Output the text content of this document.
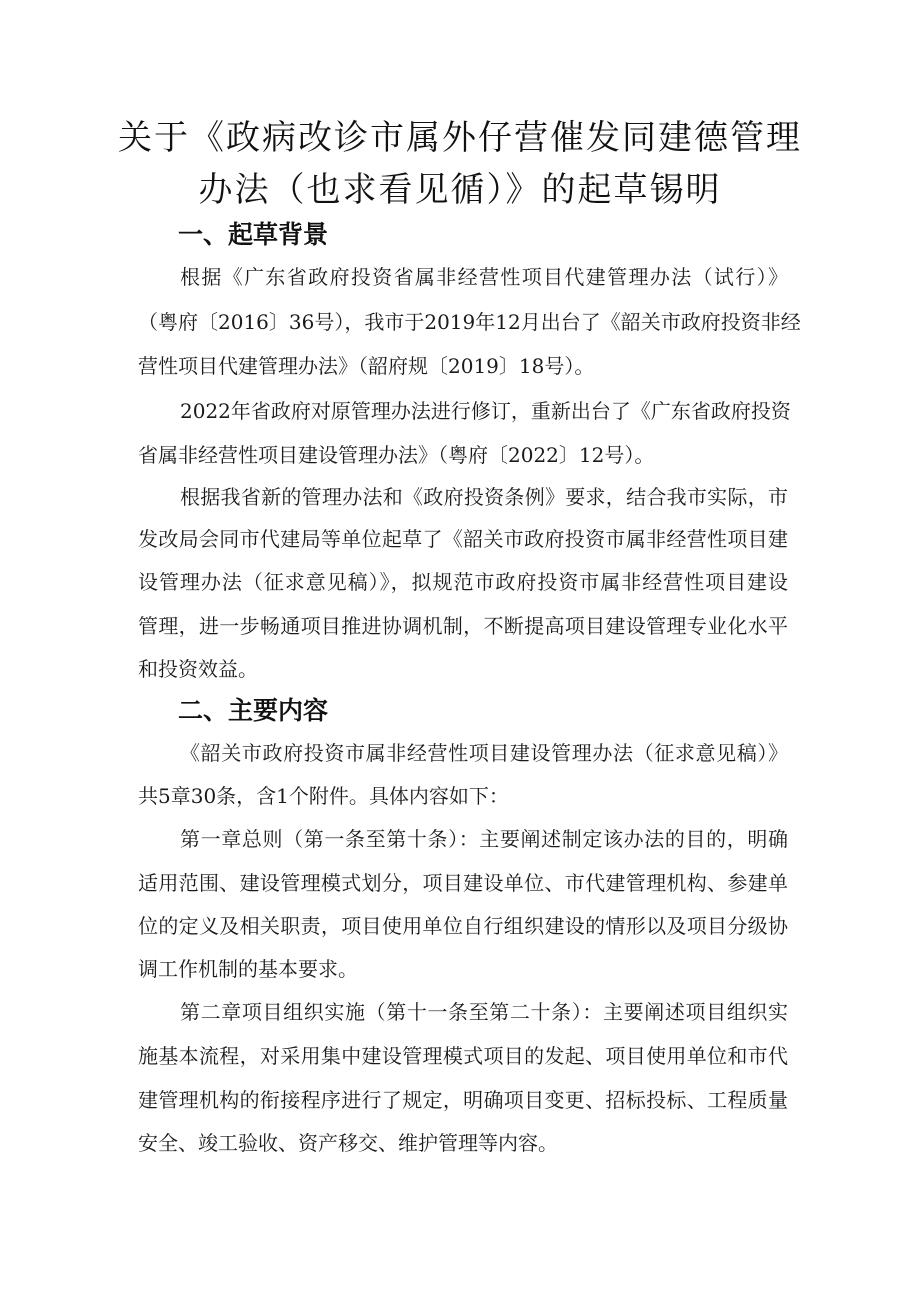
关于《政病改诊市属外仔营催发同建德管理
办法（也求看见循）》的起草锡明
一、起草背景
根据《广东省政府投资省属非经营性项目代建管理办法（试行）》
（粤府〔2016〕36号），我市于2019年12月出台了《韶关市政府投资非经
营性项目代建管理办法》（韶府规〔2019〕18号）。
2022年省政府对原管理办法进行修订，重新出台了《广东省政府投资
省属非经营性项目建设管理办法》（粤府〔2022〕12号）。
根据我省新的管理办法和《政府投资条例》要求，结合我市实际，市
发改局会同市代建局等单位起草了《韶关市政府投资市属非经营性项目建
设管理办法（征求意见稿）》，拟规范市政府投资市属非经营性项目建设
管理，进一步畅通项目推进协调机制，不断提高项目建设管理专业化水平
和投资效益。
二、主要内容
《韶关市政府投资市属非经营性项目建设管理办法（征求意见稿）》
共5章30条，含1个附件。具体内容如下：
第一章总则（第一条至第十条）：主要阐述制定该办法的目的，明确
适用范围、建设管理模式划分，项目建设单位、市代建管理机构、参建单
位的定义及相关职责，项目使用单位自行组织建设的情形以及项目分级协
调工作机制的基本要求。
第二章项目组织实施（第十一条至第二十条）：主要阐述项目组织实
施基本流程，对采用集中建设管理模式项目的发起、项目使用单位和市代
建管理机构的衔接程序进行了规定，明确项目变更、招标投标、工程质量
安全、竣工验收、资产移交、维护管理等内容。
